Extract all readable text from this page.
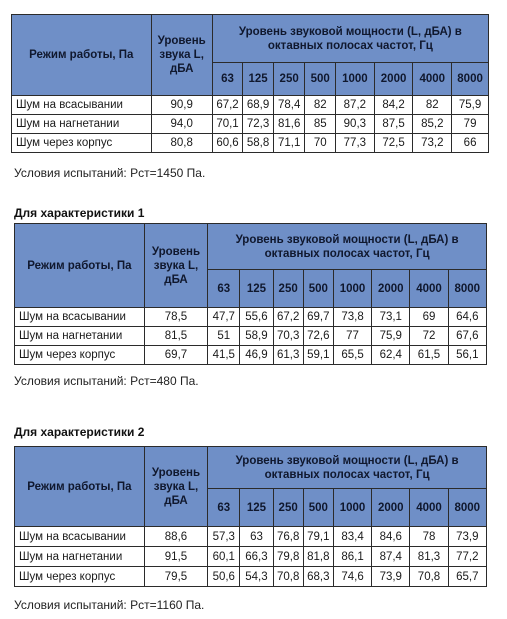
Режим работы, Па	Уровень звука L, дБА	Уровень звуковой мощности (L, дБА) в октавных полосах частот, Гц							
		63	125	250	500	1000	2000	4000	8000
Шум на всасывании	90,9	67,2	68,9	78,4	82	87,2	84,2	82	75,9
Шум на нагнетании	94,0	70,1	72,3	81,6	85	90,3	87,5	85,2	79
Шум через корпус	80,8	60,6	58,8	71,1	70	77,3	72,5	73,2	66
Условия испытаний: Рст=1450 Па.
Для характеристики 1
Режим работы, Па	Уровень звука L, дБА	Уровень звуковой мощности (L, дБА) в октавных полосах частот, Гц							
		63	125	250	500	1000	2000	4000	8000
Шум на всасывании	78,5	47,7	55,6	67,2	69,7	73,8	73,1	69	64,6
Шум на нагнетании	81,5	51	58,9	70,3	72,6	77	75,9	72	67,6
Шум через корпус	69,7	41,5	46,9	61,3	59,1	65,5	62,4	61,5	56,1
Условия испытаний: Рст=480 Па.
Для характеристики 2
Режим работы, Па	Уровень звука L, дБА	Уровень звуковой мощности (L, дБА) в октавных полосах частот, Гц							
		63	125	250	500	1000	2000	4000	8000
Шум на всасывании	88,6	57,3	63	76,8	79,1	83,4	84,6	78	73,9
Шум на нагнетании	91,5	60,1	66,3	79,8	81,8	86,1	87,4	81,3	77,2
Шум через корпус	79,5	50,6	54,3	70,8	68,3	74,6	73,9	70,8	65,7
Условия испытаний: Рст=1160 Па.
